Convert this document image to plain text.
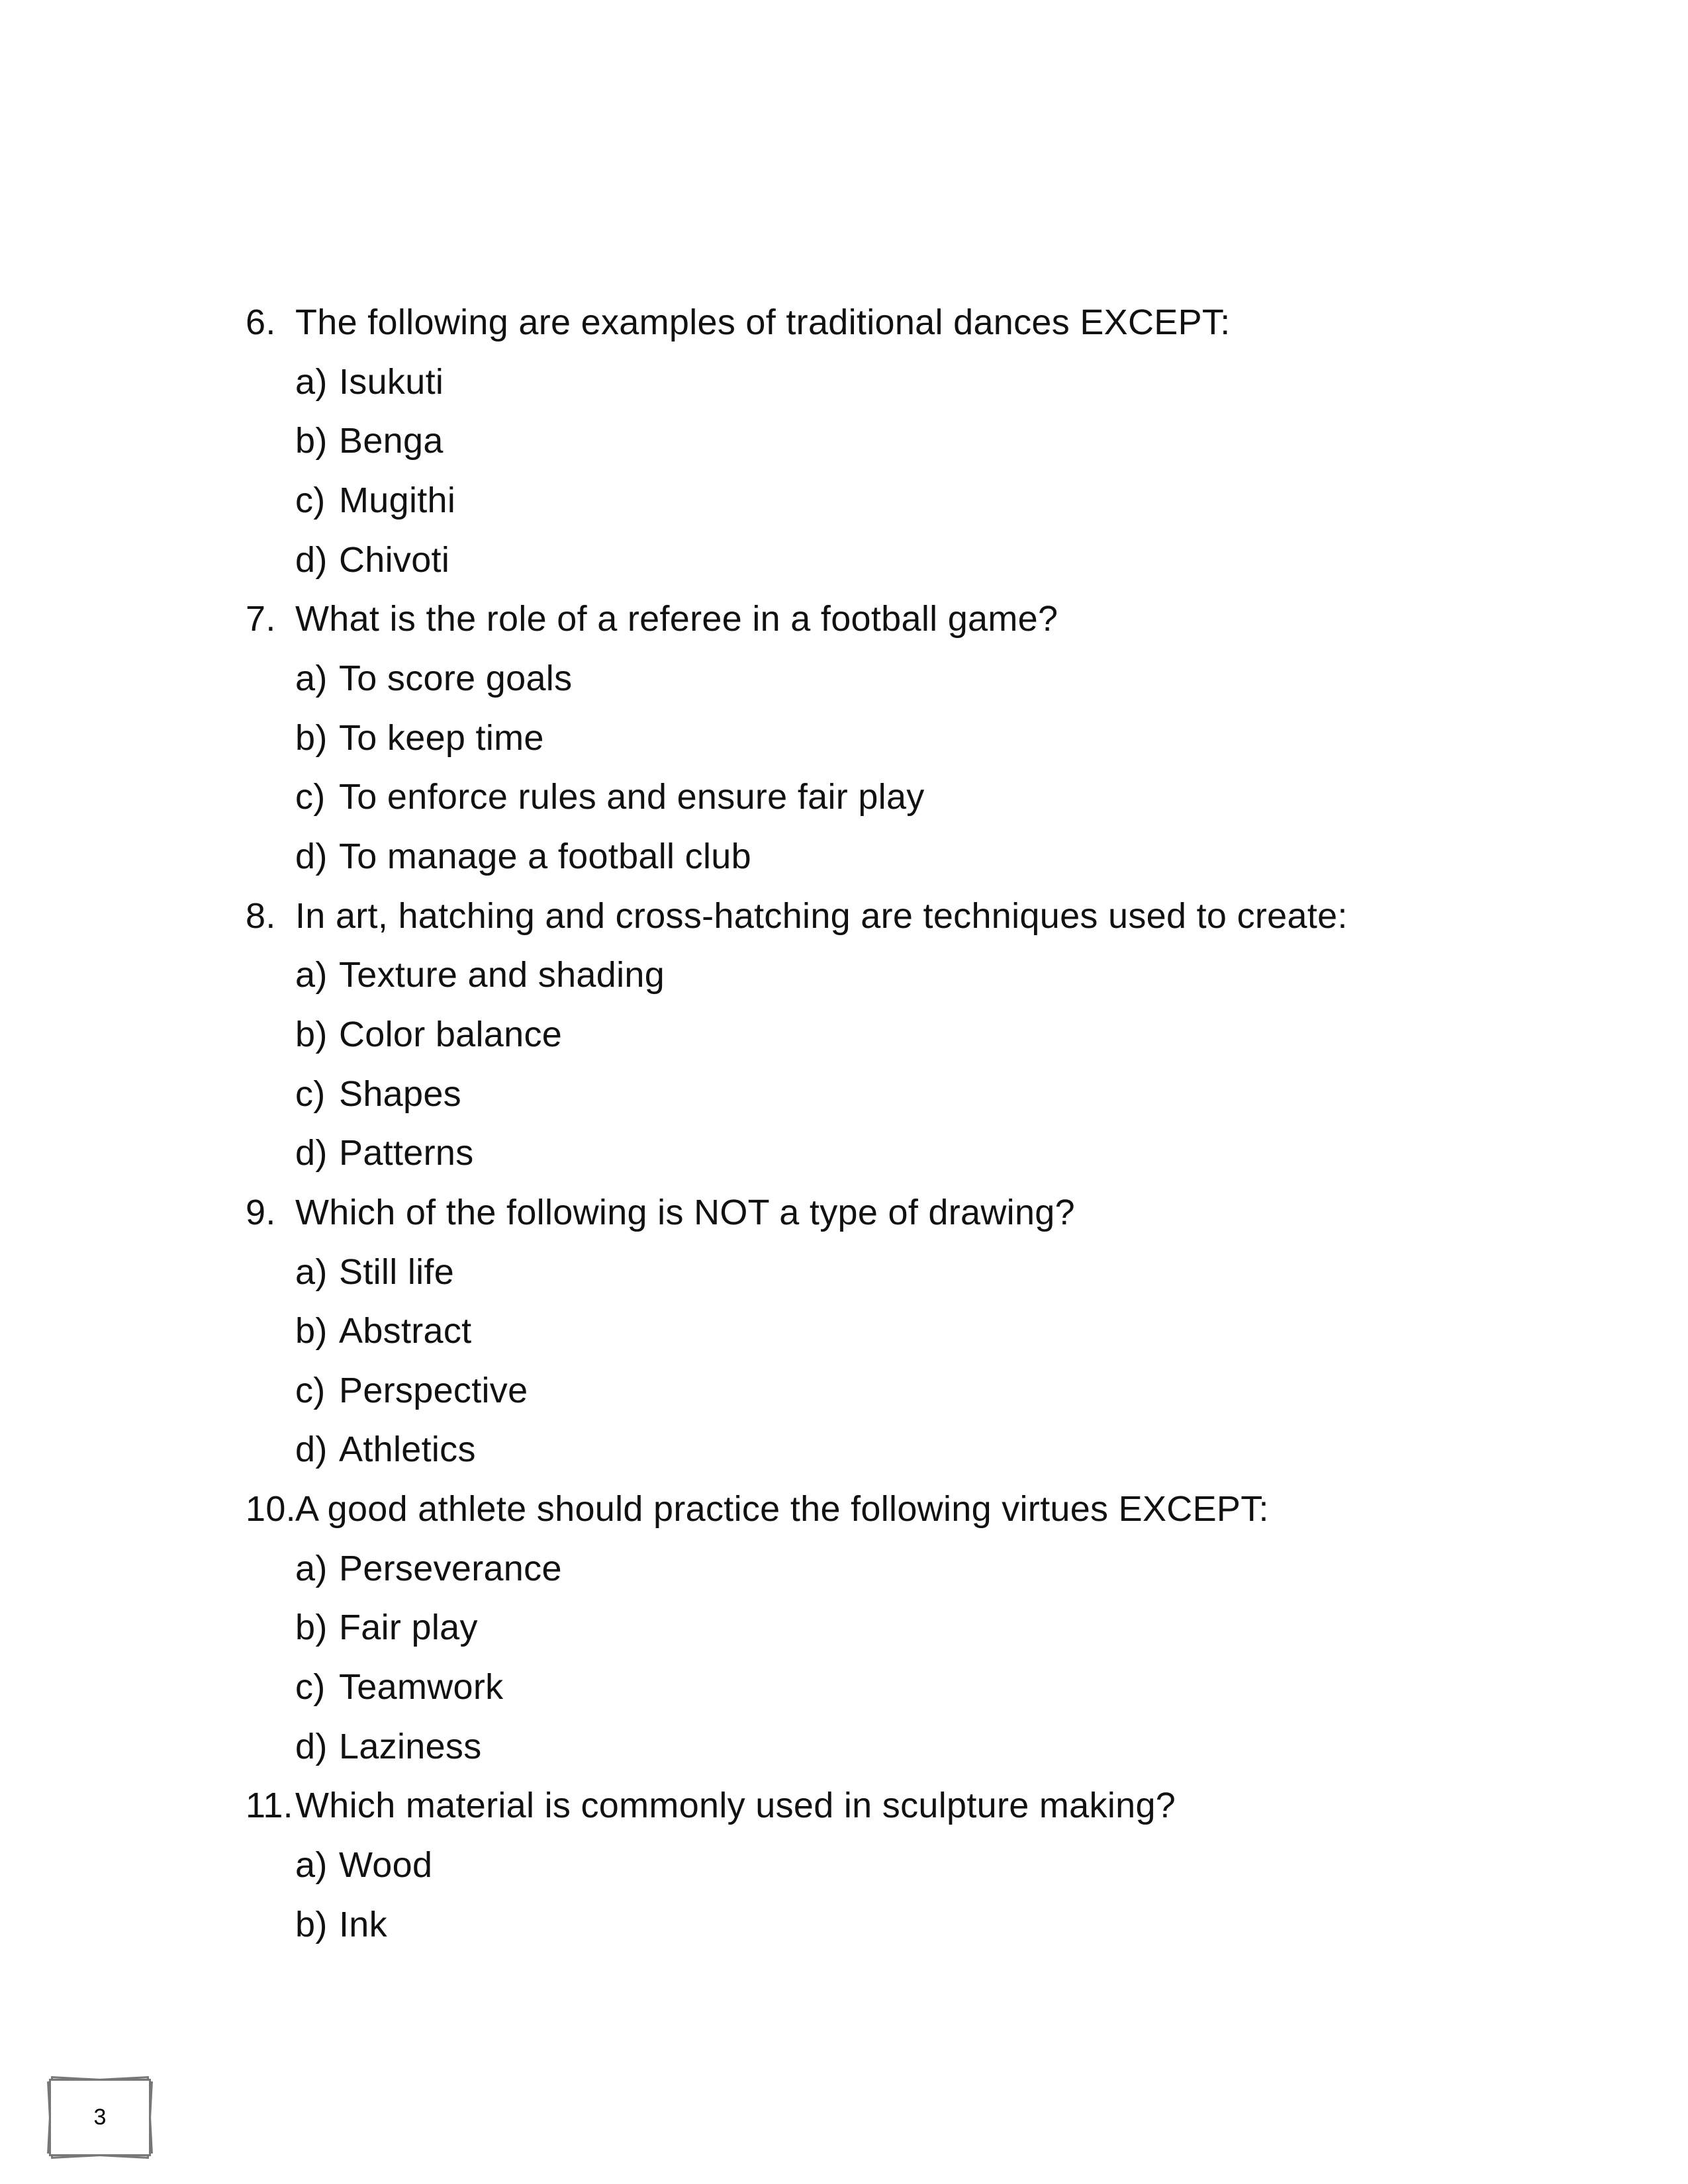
6. The following are examples of traditional dances EXCEPT:
a) Isukuti
b) Benga
c) Mugithi
d) Chivoti
7. What is the role of a referee in a football game?
a) To score goals
b) To keep time
c) To enforce rules and ensure fair play
d) To manage a football club
8. In art, hatching and cross-hatching are techniques used to create:
a) Texture and shading
b) Color balance
c) Shapes
d) Patterns
9. Which of the following is NOT a type of drawing?
a) Still life
b) Abstract
c) Perspective
d) Athletics
10. A good athlete should practice the following virtues EXCEPT:
a) Perseverance
b) Fair play
c) Teamwork
d) Laziness
11. Which material is commonly used in sculpture making?
a) Wood
b) Ink
3
